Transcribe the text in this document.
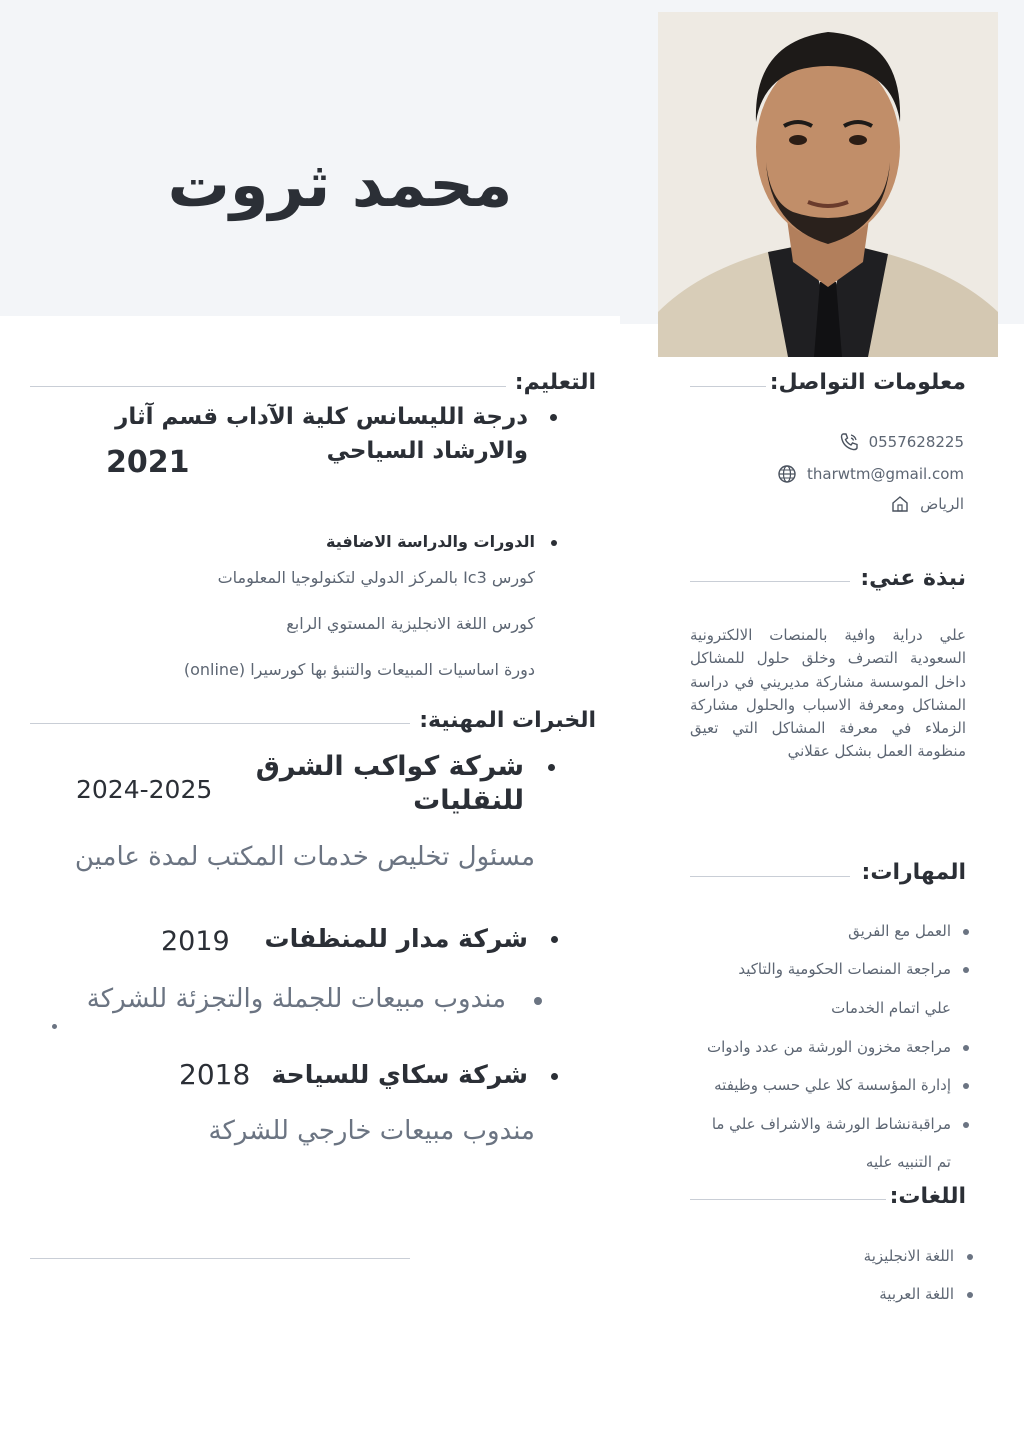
محمد ثروت
معلومات التواصل:
0557628225
tharwtm@gmail.com
الرياض
نبذة عني:
علي دراية وافية بالمنصات الالكترونية السعودية التصرف وخلق حلول للمشاكل داخل الموسسة مشاركة مديريني في دراسة المشاكل ومعرفة الاسباب والحلول مشاركة الزملاء في معرفة المشاكل التي تعيق منظومة العمل بشكل عقلاني
المهارات:
العمل مع الفريق
مراجعة المنصات الحكومية والتاكيد
علي اتمام الخدمات
مراجعة مخزون الورشة من عدد وادوات
إدارة المؤسسة كلا علي حسب وظيفته
مراقبةنشاط الورشة والاشراف علي ما
تم التنبيه عليه
اللغات:
اللغة الانجليزية
اللغة العربية
التعليم:
درجة الليسانس كلية الآداب قسم آثار والارشاد السياحي
2021
الدورات والدراسة الاضافية
كورس Ic3 بالمركز الدولي لتكنولوجيا المعلومات
كورس اللغة الانجليزية المستوي الرابع
دورة اساسيات المبيعات والتنبؤ بها كورسيرا (online)
الخبرات المهنية:
شركة كواكب الشرق للنقليات
2024-2025
مسئول تخليص خدمات المكتب لمدة عامين
شركة مدار للمنظفات
2019
مندوب مبيعات للجملة والتجزئة للشركة
شركة سكاي للسياحة
2018
مندوب مبيعات خارجي للشركة
